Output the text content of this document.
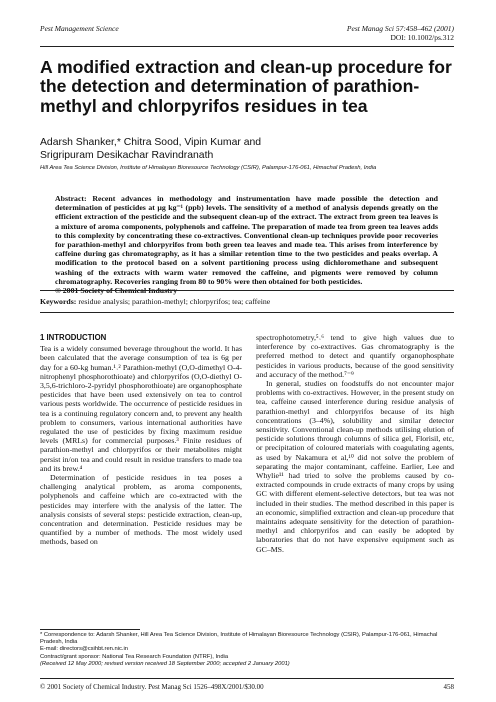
Pest Management Science	Pest Manag Sci 57:458–462 (2001)
DOI: 10.1002/ps.312
A modified extraction and clean-up procedure for the detection and determination of parathion-methyl and chlorpyrifos residues in tea
Adarsh Shanker,* Chitra Sood, Vipin Kumar and
Srigripuram Desikachar Ravindranath
Hill Area Tea Science Division, Institute of Himalayan Bioresource Technology (CSIR), Palampur-176-061, Himachal Pradesh, India
Abstract: Recent advances in methodology and instrumentation have made possible the detection and determination of pesticides at µg kg⁻¹ (ppb) levels. The sensitivity of a method of analysis depends greatly on the efficient extraction of the pesticide and the subsequent clean-up of the extract. The extract from green tea leaves is a mixture of aroma components, polyphenols and caffeine. The preparation of made tea from green tea leaves adds to this complexity by concentrating these co-extractives. Conventional clean-up techniques provide poor recoveries for parathion-methyl and chlorpyrifos from both green tea leaves and made tea. This arises from interference by caffeine during gas chromatography, as it has a similar retention time to the two pesticides and peaks overlap. A modification to the protocol based on a solvent partitioning process using dichloromethane and subsequent washing of the extracts with warm water removed the caffeine, and pigments were removed by column chromatography. Recoveries ranging from 80 to 90% were then obtained for both pesticides.
© 2001 Society of Chemical Industry
Keywords: residue analysis; parathion-methyl; chlorpyrifos; tea; caffeine
1 INTRODUCTION

Tea is a widely consumed beverage throughout the world. It has been calculated that the average consumption of tea is 6g per day for a 60-kg human.¹˒² Parathion-methyl (O,O-dimethyl O-4-nitrophenyl phosphorothioate) and chlorpyrifos (O,O-diethyl O-3,5,6-trichloro-2-pyridyl phosphorothioate) are organophosphate pesticides that have been used extensively on tea to control various pests worldwide. The occurrence of pesticide residues in tea is a continuing regulatory concern and, to prevent any health problem to consumers, various international authorities have regulated the use of pesticides by fixing maximum residue levels (MRLs) for commercial purposes.³ Finite residues of parathion-methyl and chlorpyrifos or their metabolites might persist in/on tea and could result in residue transfers to made tea and its brew.⁴

Determination of pesticide residues in tea poses a challenging analytical problem, as aroma components, polyphenols and caffeine which are co-extracted with the pesticides may interfere with the analysis of the latter. The analysis consists of several steps: pesticide extraction, clean-up, concentration and determination. Pesticide residues may be quantified by a number of methods. The most widely used methods, based on

spectrophotometry,⁵˒⁶ tend to give high values due to interference by co-extractives. Gas chromatography is the preferred method to detect and quantify organophosphate pesticides in various products, because of the good sensitivity and accuracy of the method.⁷⁻⁹

In general, studies on foodstuffs do not encounter major problems with co-extractives. However, in the present study on tea, caffeine caused interference during residue analysis of parathion-methyl and chlorpyrifos because of its high concentrations (3–4%), solubility and similar detector sensitivity. Conventional clean-up methods utilising elution of pesticide solutions through columns of silica gel, Florisil, etc, or precipitation of coloured materials with coagulating agents, as used by Nakamura et al,¹⁰ did not solve the problem of separating the major contaminant, caffeine. Earlier, Lee and Whylie¹¹ had tried to solve the problems caused by co-extracted compounds in crude extracts of many crops by using GC with different element-selective detectors, but tea was not included in their studies. The method described in this paper is an economic, simplified extraction and clean-up procedure that maintains adequate sensitivity for the detection of parathion-methyl and chlorpyrifos and can easily be adopted by laboratories that do not have expensive equipment such as GC–MS.

* Correspondence to: Adarsh Shanker, Hill Area Tea Science Division, Institute of Himalayan Bioresource Technology (CSIR), Palampur-176-061, Himachal Pradesh, India
E-mail: directors@csihbt.ren.nic.in
Contract/grant sponsor: National Tea Research Foundation (NTRF), India
(Received 12 May 2000; revised version received 18 September 2000; accepted 2 January 2001)
© 2001 Society of Chemical Industry. Pest Manag Sci 1526–498X/2001/$30.00	458
